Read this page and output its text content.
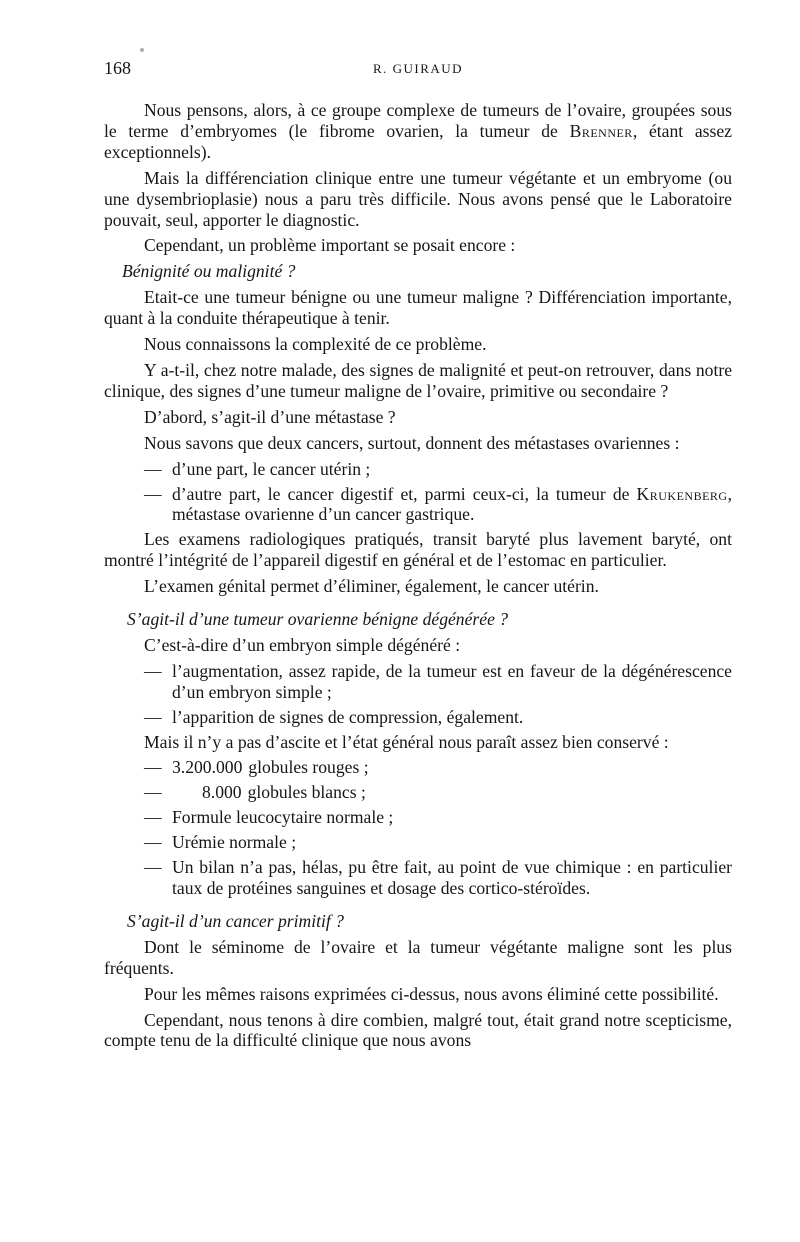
168	R. GUIRAUD

Nous pensons, alors, à ce groupe complexe de tumeurs de l’ovaire, groupées sous le terme d’embryomes (le fibrome ovarien, la tumeur de Brenner, étant assez exceptionnels).

Mais la différenciation clinique entre une tumeur végétante et un embryome (ou une dysembrioplasie) nous a paru très difficile. Nous avons pensé que le Laboratoire pouvait, seul, apporter le diagnostic.

Cependant, un problème important se posait encore :

Bénignité ou malignité ?

Etait-ce une tumeur bénigne ou une tumeur maligne ? Différenciation importante, quant à la conduite thérapeutique à tenir.

Nous connaissons la complexité de ce problème.

Y a-t-il, chez notre malade, des signes de malignité et peut-on retrouver, dans notre clinique, des signes d’une tumeur maligne de l’ovaire, primitive ou secondaire ?

D’abord, s’agit-il d’une métastase ?

Nous savons que deux cancers, surtout, donnent des métastases ovariennes :

— d’une part, le cancer utérin ;
— d’autre part, le cancer digestif et, parmi ceux-ci, la tumeur de Krukenberg, métastase ovarienne d’un cancer gastrique.

Les examens radiologiques pratiqués, transit baryté plus lavement baryté, ont montré l’intégrité de l’appareil digestif en général et de l’estomac en particulier.

L’examen génital permet d’éliminer, également, le cancer utérin.

S’agit-il d’une tumeur ovarienne bénigne dégénérée ?

C’est-à-dire d’un embryon simple dégénéré :

— l’augmentation, assez rapide, de la tumeur est en faveur de la dégénérescence d’un embryon simple ;
— l’apparition de signes de compression, également.

Mais il n’y a pas d’ascite et l’état général nous paraît assez bien conservé :

— 3.200.000 globules rouges ;
—	8.000 globules blancs ;
— Formule leucocytaire normale ;
— Urémie normale ;
— Un bilan n’a pas, hélas, pu être fait, au point de vue chimique : en particulier taux de protéines sanguines et dosage des cortico-stéroïdes.

S’agit-il d’un cancer primitif ?

Dont le séminome de l’ovaire et la tumeur végétante maligne sont les plus fréquents.

Pour les mêmes raisons exprimées ci-dessus, nous avons éliminé cette possibilité.

Cependant, nous tenons à dire combien, malgré tout, était grand notre scepticisme, compte tenu de la difficulté clinique que nous avons
